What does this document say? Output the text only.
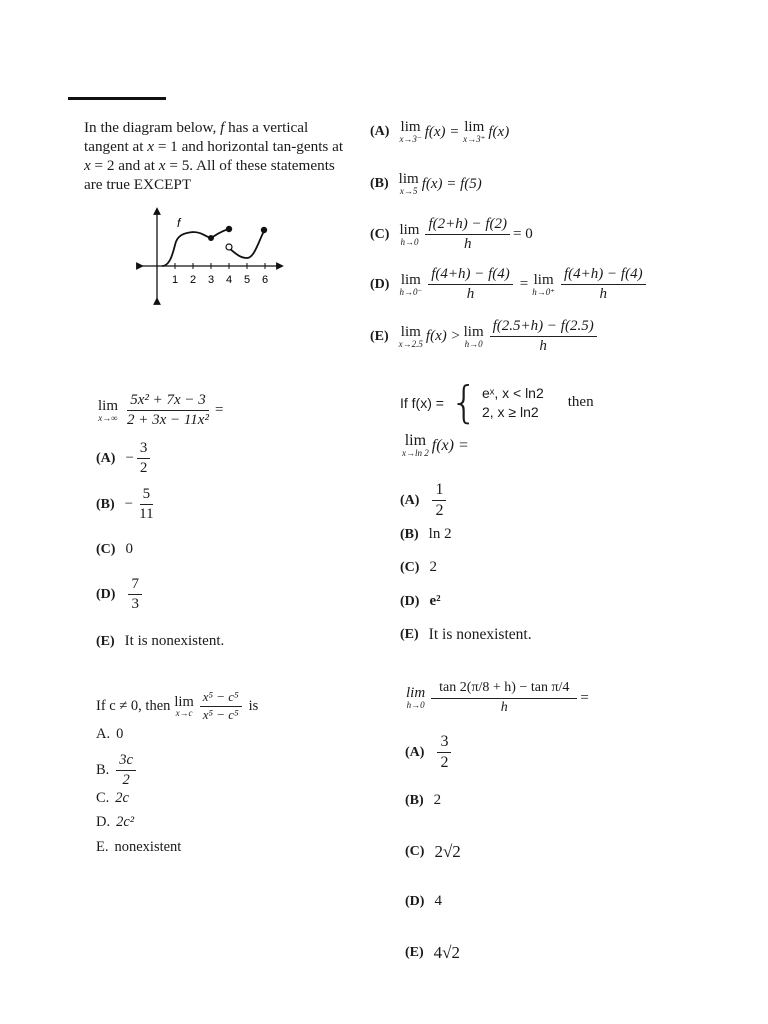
In the diagram below, f has a vertical tangent at x = 1 and horizontal tan-gents at x = 2 and at x = 5. All of these statements are true EXCEPT
f
1 2 3 4 5 6
(A) lim
x→3⁻ f(x) = lim
x→3⁺ f(x)
(B) lim
x→5 f(x) = f(5)
(C) lim
$h\to 0 \frac{f(2+h) - f(2)}{h} = 0$
(D) lim
$h\to 0^- \frac{f(4+h) - f(4)}{h} = \lim$
$h\to 0^+ \frac{f(4+h) - f(4)}{h}$
(E) lim
x→2.5 f(x) > lim
$h\to 0 \frac{f(2.5+h) - f(2.5)}{h}$
lim
$x\to\infty \frac{\text{5x² + 7x − 3}}{\text{2 + 3x − 11x²}}$ =
$(A) - \frac{3}{2}$
$(B) - \frac{5}{11}$
(C) 0
$(D) \frac{7}{3}$
(E) It is nonexistent.
If f(x) = { eˣ, x < ln2
2, x ≥ ln2
then
lim
x→ln 2 f(x) =
$(A) \frac{1}{2}$
(B) ln 2
(C) 2
(D) e²
(E) It is nonexistent.
If c ≠ 0, then lim
$x\to c \frac{\text{x⁵ − c⁵}}{\text{x⁵ − c⁵}}$ is
A. 0
B. $\frac{3c}{2}$
C. 2c
D. 2c²
E. nonexistent
lim
$h\to 0 \frac{\text{tan 2(π/8 + h) − tan π/4}}{h}$ =
$(A) \frac{3}{2}$
(B) 2
(C) 2√2
(D) 4
(E) 4√2
